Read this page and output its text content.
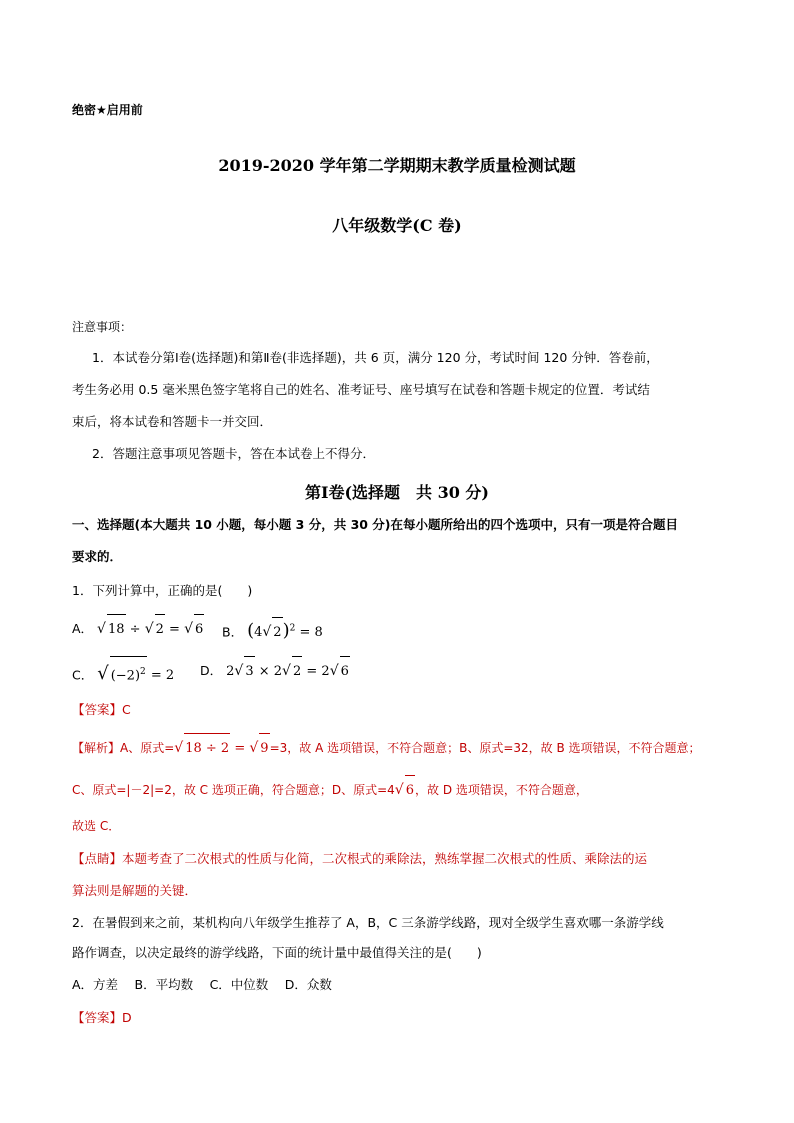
绝密★启用前
2019-2020 学年第二学期期末教学质量检测试题
八年级数学(C 卷)
注意事项：
1．本试卷分第Ⅰ卷(选择题)和第Ⅱ卷(非选择题)，共 6 页，满分 120 分，考试时间 120 分钟．答卷前，
考生务必用 0.5 毫米黑色签字笔将自己的姓名、准考证号、座号填写在试卷和答题卡规定的位置．考试结
束后，将本试卷和答题卡一并交回．
2．答题注意事项见答题卡，答在本试卷上不得分．
第Ⅰ卷(选择题　共 30 分)
一、选择题(本大题共 10 小题，每小题 3 分，共 30 分)在每小题所给出的四个选项中，只有一项是符合题目
要求的．
1．下列计算中，正确的是(　　)
A． √ 18 ÷ √ 2 = √ 6 B． (4√ 2)$^2$ = 8
C． √ $(-2)^2 = 2$ D． 2√ 3 × 2√ 2 = 2√ 6
【答案】C
【解析】A、原式=√ 18 ÷ 2 = √ 9=3，故 A 选项错误，不符合题意；B、原式=32，故 B 选项错误，不符合题意；
C、原式=|－2|=2，故 C 选项正确，符合题意；D、原式=4√ 6，故 D 选项错误，不符合题意，
故选 C．
【点睛】本题考查了二次根式的性质与化简，二次根式的乘除法，熟练掌握二次根式的性质、乘除法的运
算法则是解题的关键．
2．在暑假到来之前，某机构向八年级学生推荐了 A，B，C 三条游学线路，现对全级学生喜欢哪一条游学线
路作调查，以决定最终的游学线路，下面的统计量中最值得关注的是(　　)
A．方差　 B．平均数　 C．中位数　 D．众数
【答案】D
